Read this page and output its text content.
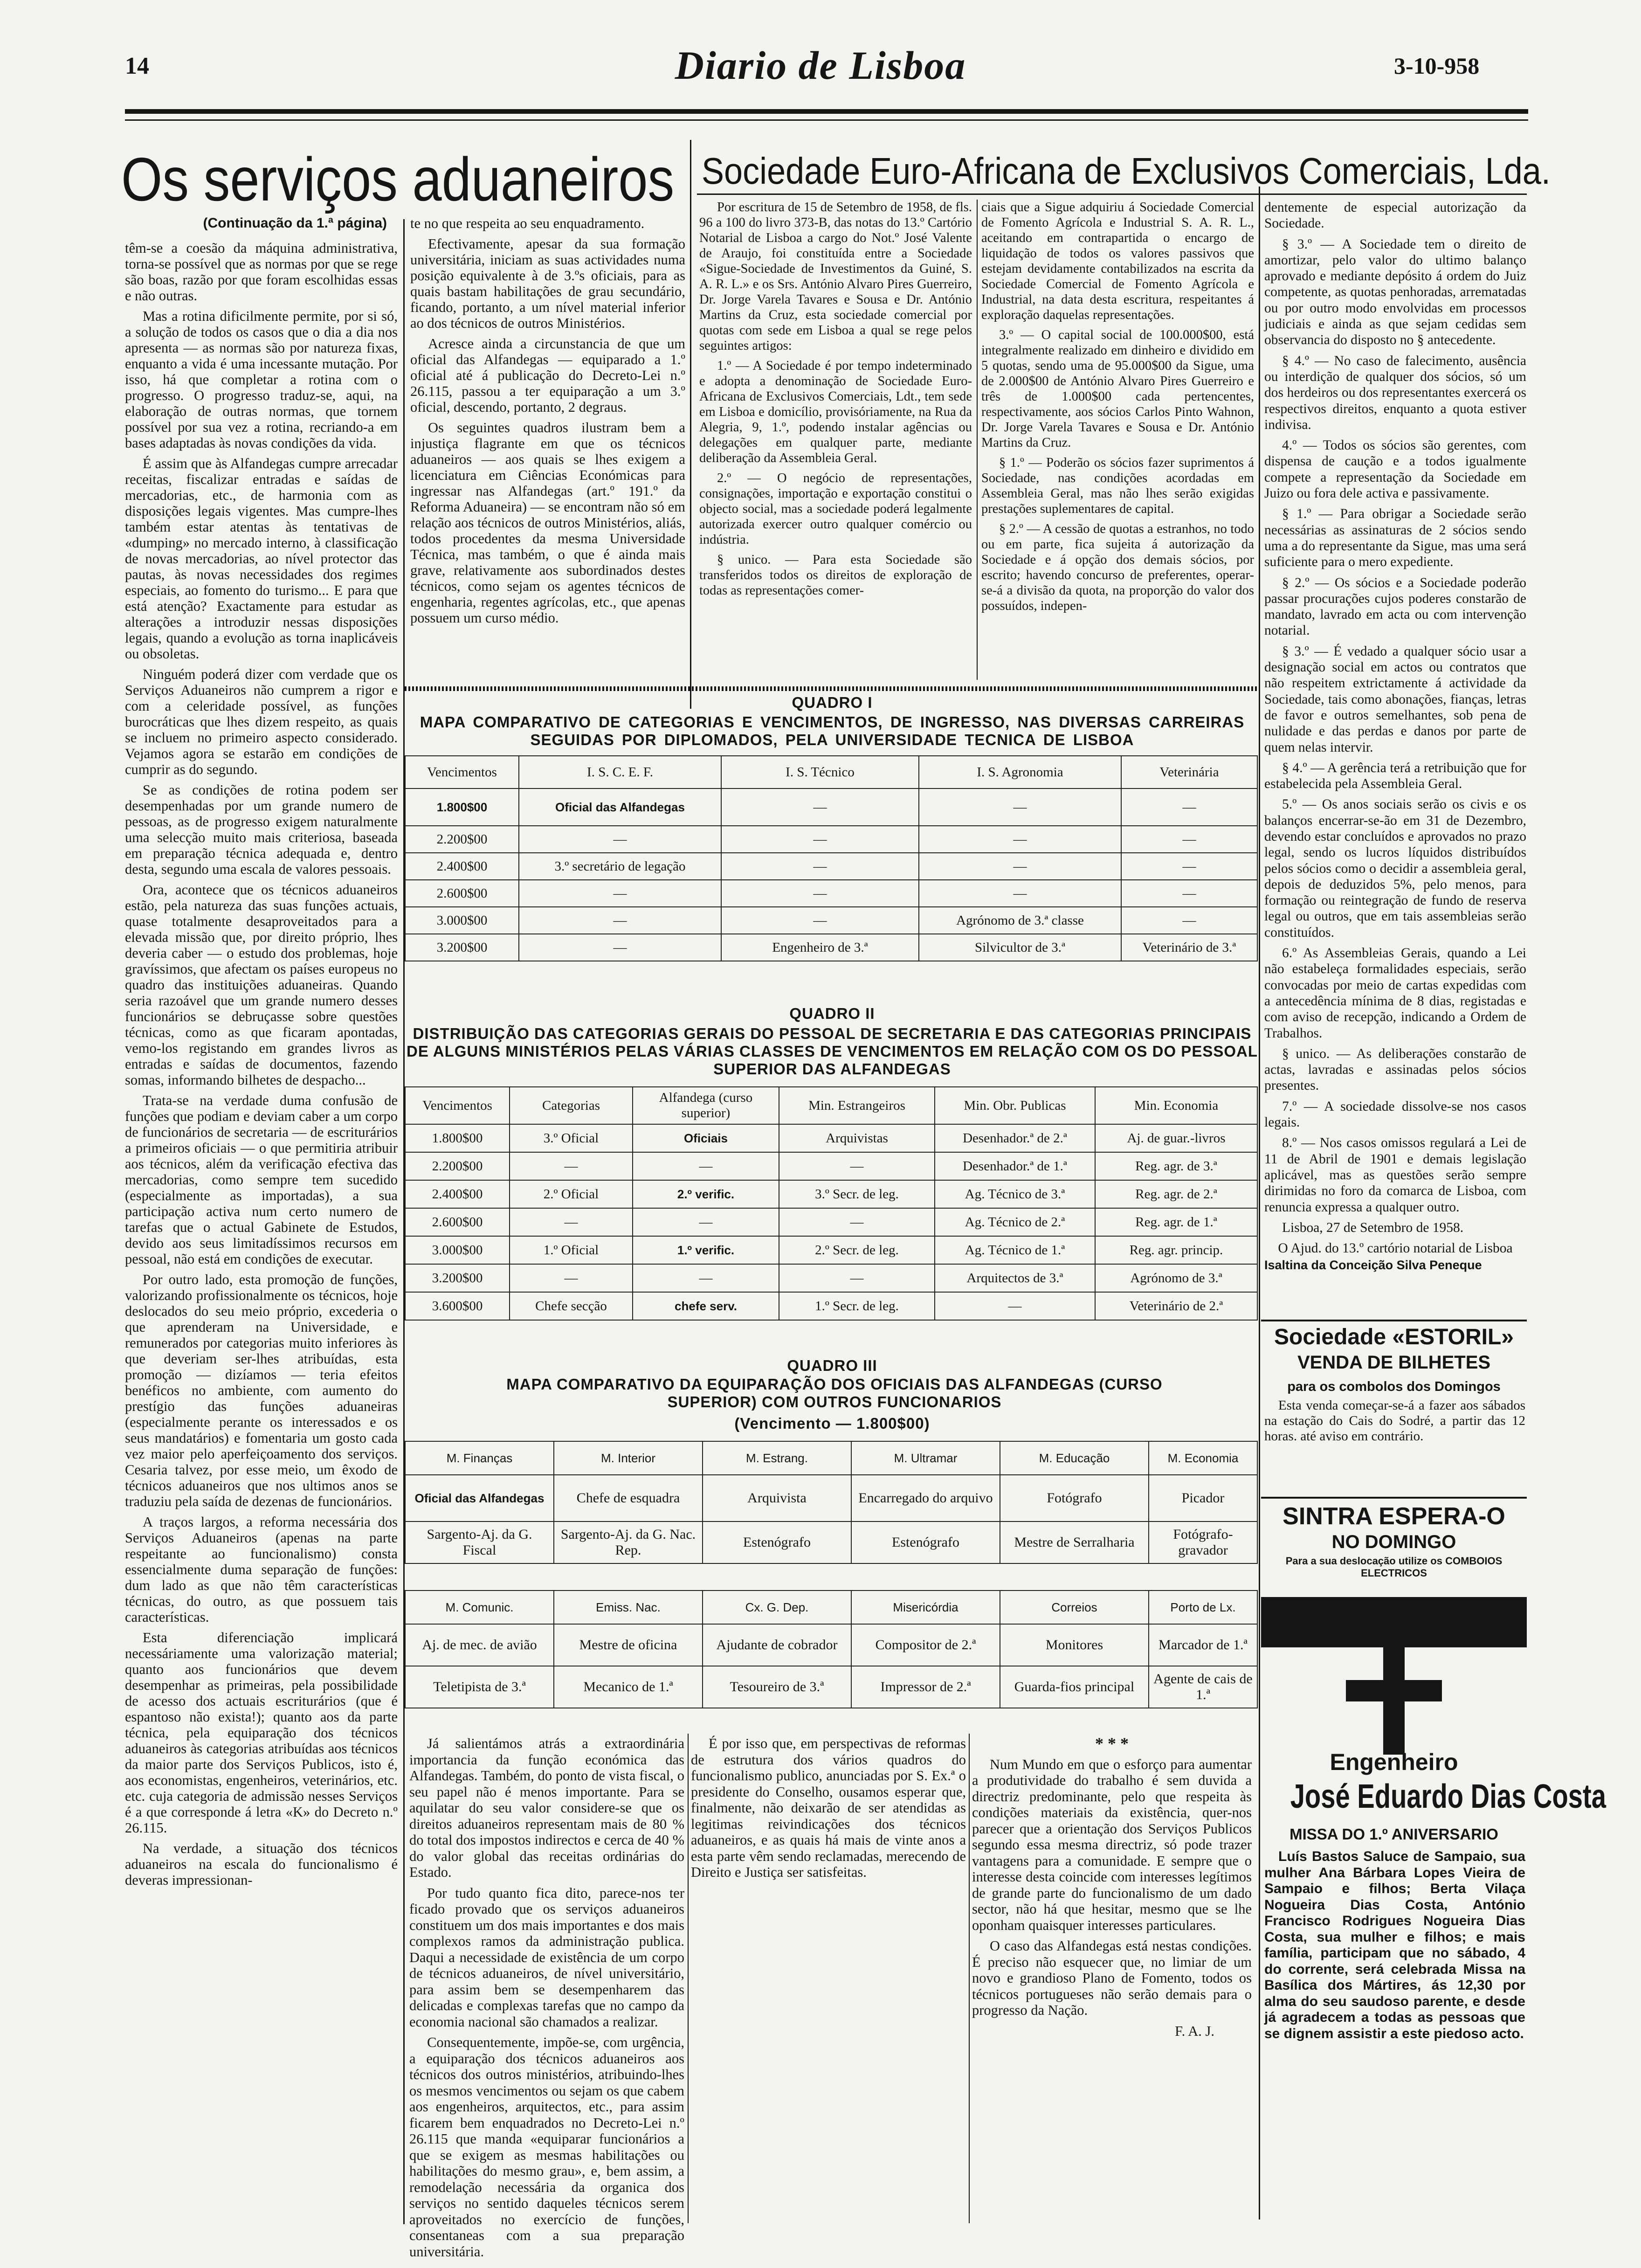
14	Diario de Lisboa	3-10-958
Os serviços aduaneiros
(Continuação da 1.ª página)

têm-se a coesão da máquina administrativa, torna-se possível que as normas por que se rege são boas, razão por que foram escolhidas essas e não outras.

Mas a rotina dificilmente permite, por si só, a solução de todos os casos que o dia a dia nos apresenta — as normas são por natureza fixas, enquanto a vida é uma incessante mutação. Por isso, há que completar a rotina com o progresso. O progresso traduz-se, aqui, na elaboração de outras normas, que tornem possível por sua vez a rotina, recriando-a em bases adaptadas às novas condições da vida.

É assim que às Alfandegas cumpre arrecadar receitas, fiscalizar entradas e saídas de mercadorias, etc., de harmonia com as disposições legais vigentes. Mas cumpre-lhes também estar atentas às tentativas de «dumping» no mercado interno, à classificação de novas mercadorias, ao nível protector das pautas, às novas necessidades dos regimes especiais, ao fomento do turismo... E para que está atenção? Exactamente para estudar as alterações a introduzir nessas disposições legais, quando a evolução as torna inaplicáveis ou obsoletas.

Ninguém poderá dizer com verdade que os Serviços Aduaneiros não cumprem a rigor e com a celeridade possível, as funções burocráticas que lhes dizem respeito, as quais se incluem no primeiro aspecto considerado. Vejamos agora se estarão em condições de cumprir as do segundo.

Se as condições de rotina podem ser desempenhadas por um grande numero de pessoas, as de progresso exigem naturalmente uma selecção muito mais criteriosa, baseada em preparação técnica adequada e, dentro desta, segundo uma escala de valores pessoais.

Ora, acontece que os técnicos aduaneiros estão, pela natureza das suas funções actuais, quase totalmente desaproveitados para a elevada missão que, por direito próprio, lhes deveria caber — o estudo dos problemas, hoje gravíssimos, que afectam os países europeus no quadro das instituições aduaneiras. Quando seria razoável que um grande numero desses funcionários se debruçasse sobre questões técnicas, como as que ficaram apontadas, vemo-los registando em grandes livros as entradas e saídas de documentos, fazendo somas, informando bilhetes de despacho...

Trata-se na verdade duma confusão de funções que podiam e deviam caber a um corpo de funcionários de secretaria — de escriturários a primeiros oficiais — o que permitiria atribuir aos técnicos, além da verificação efectiva das mercadorias, como sempre tem sucedido (especialmente as importadas), a sua participação activa num certo numero de tarefas que o actual Gabinete de Estudos, devido aos seus limitadíssimos recursos em pessoal, não está em condições de executar.

Por outro lado, esta promoção de funções, valorizando profissionalmente os técnicos, hoje deslocados do seu meio próprio, excederia o que aprenderam na Universidade, e remunerados por categorias muito inferiores às que deveriam ser-lhes atribuídas, esta promoção — dizíamos — teria efeitos benéficos no ambiente, com aumento do prestígio das funções aduaneiras (especialmente perante os interessados e os seus mandatários) e fomentaria um gosto cada vez maior pelo aperfeiçoamento dos serviços. Cesaria talvez, por esse meio, um êxodo de técnicos aduaneiros que nos ultimos anos se traduziu pela saída de dezenas de funcionários.

A traços largos, a reforma necessária dos Serviços Aduaneiros (apenas na parte respeitante ao funcionalismo) consta essencialmente duma separação de funções: dum lado as que não têm características técnicas, do outro, as que possuem tais características.

Esta diferenciação implicará necessáriamente uma valorização material; quanto aos funcionários que devem desempenhar as primeiras, pela possibilidade de acesso dos actuais escriturários (que é espantoso não exista!); quanto aos da parte técnica, pela equiparação dos técnicos aduaneiros às categorias atribuídas aos técnicos da maior parte dos Serviços Publicos, isto é, aos economistas, engenheiros, veterinários, etc. etc. cuja categoria de admissão nesses Serviços é a que corresponde á letra «K» do Decreto n.º 26.115.

Na verdade, a situação dos técnicos aduaneiros na escala do funcionalismo é deveras impressionan-

te no que respeita ao seu enquadramento.

Efectivamente, apesar da sua formação universitária, iniciam as suas actividades numa posição equivalente à de 3.ºs oficiais, para as quais bastam habilitações de grau secundário, ficando, portanto, a um nível material inferior ao dos técnicos de outros Ministérios.

Acresce ainda a circunstancia de que um oficial das Alfandegas — equiparado a 1.º oficial até á publicação do Decreto-Lei n.º 26.115, passou a ter equiparação a um 3.º oficial, descendo, portanto, 2 degraus.

Os seguintes quadros ilustram bem a injustiça flagrante em que os técnicos aduaneiros — aos quais se lhes exigem a licenciatura em Ciências Económicas para ingressar nas Alfandegas (art.º 191.º da Reforma Aduaneira) — se encontram não só em relação aos técnicos de outros Ministérios, aliás, todos procedentes da mesma Universidade Técnica, mas também, o que é ainda mais grave, relativamente aos subordinados destes técnicos, como sejam os agentes técnicos de engenharia, regentes agrícolas, etc., que apenas possuem um curso médio.

Sociedade Euro-Africana de Exclusivos Comerciais, Lda.

Por escritura de 15 de Setembro de 1958, de fls. 96 a 100 do livro 373-B, das notas do 13.º Cartório Notarial de Lisboa a cargo do Not.º José Valente de Araujo, foi constituída entre a Sociedade «Sigue-Sociedade de Investimentos da Guiné, S. A. R. L.» e os Srs. António Alvaro Pires Guerreiro, Dr. Jorge Varela Tavares e Sousa e Dr. António Martins da Cruz, esta sociedade comercial por quotas com sede em Lisboa a qual se rege pelos seguintes artigos:

1.º — A Sociedade é por tempo indeterminado e adopta a denominação de Sociedade Euro-Africana de Exclusivos Comerciais, Ldt., tem sede em Lisboa e domicílio, provisóriamente, na Rua da Alegria, 9, 1.º, podendo instalar agências ou delegações em qualquer parte, mediante deliberação da Assembleia Geral.

2.º — O negócio de representações, consignações, importação e exportação constitui o objecto social, mas a sociedade poderá legalmente autorizada exercer outro qualquer comércio ou indústria.

§ unico. — Para esta Sociedade são transferidos todos os direitos de exploração de todas as representações comer-

ciais que a Sigue adquiriu á Sociedade Comercial de Fomento Agrícola e Industrial S. A. R. L., aceitando em contrapartida o encargo de liquidação de todos os valores passivos que estejam devidamente contabilizados na escrita da Sociedade Comercial de Fomento Agrícola e Industrial, na data desta escritura, respeitantes á exploração daquelas representações.

3.º — O capital social de 100.000$00, está integralmente realizado em dinheiro e dividido em 5 quotas, sendo uma de 95.000$00 da Sigue, uma de 2.000$00 de António Alvaro Pires Guerreiro e três de 1.000$00 cada pertencentes, respectivamente, aos sócios Carlos Pinto Wahnon, Dr. Jorge Varela Tavares e Sousa e Dr. António Martins da Cruz.

§ 1.º — Poderão os sócios fazer suprimentos á Sociedade, nas condições acordadas em Assembleia Geral, mas não lhes serão exigidas prestações suplementares de capital.

§ 2.º — A cessão de quotas a estranhos, no todo ou em parte, fica sujeita á autorização da Sociedade e á opção dos demais sócios, por escrito; havendo concurso de preferentes, operar-se-á a divisão da quota, na proporção do valor dos possuídos, indepen-

dentemente de especial autorização da Sociedade.

§ 3.º — A Sociedade tem o direito de amortizar, pelo valor do ultimo balanço aprovado e mediante depósito á ordem do Juiz competente, as quotas penhoradas, arrematadas ou por outro modo envolvidas em processos judiciais e ainda as que sejam cedidas sem observancia do disposto no § antecedente.

§ 4.º — No caso de falecimento, ausência ou interdição de qualquer dos sócios, só um dos herdeiros ou dos representantes exercerá os respectivos direitos, enquanto a quota estiver indivisa.

4.º — Todos os sócios são gerentes, com dispensa de caução e a todos igualmente compete a representação da Sociedade em Juizo ou fora dele activa e passivamente.

§ 1.º — Para obrigar a Sociedade serão necessárias as assinaturas de 2 sócios sendo uma a do representante da Sigue, mas uma será suficiente para o mero expediente.

§ 2.º — Os sócios e a Sociedade poderão passar procurações cujos poderes constarão de mandato, lavrado em acta ou com intervenção notarial.

§ 3.º — É vedado a qualquer sócio usar a designação social em actos ou contratos que não respeitem extrictamente á actividade da Sociedade, tais como abonações, fianças, letras de favor e outros semelhantes, sob pena de nulidade e das perdas e danos por parte de quem nelas intervir.

§ 4.º — A gerência terá a retribuição que for estabelecida pela Assembleia Geral.

5.º — Os anos sociais serão os civis e os balanços encerrar-se-ão em 31 de Dezembro, devendo estar concluídos e aprovados no prazo legal, sendo os lucros líquidos distribuídos pelos sócios como o decidir a assembleia geral, depois de deduzidos 5%, pelo menos, para formação ou reintegração de fundo de reserva legal ou outros, que em tais assembleias serão constituídos.

6.º As Assembleias Gerais, quando a Lei não estabeleça formalidades especiais, serão convocadas por meio de cartas expedidas com a antecedência mínima de 8 dias, registadas e com aviso de recepção, indicando a Ordem de Trabalhos.

§ unico. — As deliberações constarão de actas, lavradas e assinadas pelos sócios presentes.

7.º — A sociedade dissolve-se nos casos legais.

8.º — Nos casos omissos regulará a Lei de 11 de Abril de 1901 e demais legislação aplicável, mas as questões serão sempre dirimidas no foro da comarca de Lisboa, com renuncia expressa a qualquer outro.

Lisboa, 27 de Setembro de 1958.

O Ajud. do 13.º cartório notarial de Lisboa

Isaltina da Conceição Silva Peneque

QUADRO I
MAPA COMPARATIVO DE CATEGORIAS E VENCIMENTOS, DE INGRESSO, NAS DIVERSAS CARREIRAS SEGUIDAS POR DIPLOMADOS, PELA UNIVERSIDADE TECNICA DE LISBOA
Vencimentos	I. S. C. E. F.	I. S. Técnico	I. S. Agronomia	Veterinária
1.800$00	Oficial das Alfandegas	—	—	—
2.200$00	—	—	—	—
2.400$00	3.º secretário de legação	—	—	—
2.600$00	—	—	—	—
3.000$00	—	—	Agrónomo de 3.ª classe	—
3.200$00	—	Engenheiro de 3.ª	Silvicultor de 3.ª	Veterinário de 3.ª
QUADRO II
DISTRIBUIÇÃO DAS CATEGORIAS GERAIS DO PESSOAL DE SECRETARIA E DAS CATEGORIAS PRINCIPAIS DE ALGUNS MINISTÉRIOS PELAS VÁRIAS CLASSES DE VENCIMENTOS EM RELAÇÃO COM OS DO PESSOAL SUPERIOR DAS ALFANDEGAS
Vencimentos	Categorias	Alfandega (curso superior)	Min. Estrangeiros	Min. Obr. Publicas	Min. Economia
1.800$00	3.º Oficial	Oficiais	Arquivistas	Desenhador.ª de 2.ª	Aj. de guar.-livros
2.200$00	—	—	—	Desenhador.ª de 1.ª	Reg. agr. de 3.ª
2.400$00	2.º Oficial	2.º verific.	3.º Secr. de leg.	Ag. Técnico de 3.ª	Reg. agr. de 2.ª
2.600$00	—	—	—	Ag. Técnico de 2.ª	Reg. agr. de 1.ª
3.000$00	1.º Oficial	1.º verific.	2.º Secr. de leg.	Ag. Técnico de 1.ª	Reg. agr. princip.
3.200$00	—	—	—	Arquitectos de 3.ª	Agrónomo de 3.ª
3.600$00	Chefe secção	chefe serv.	1.º Secr. de leg.	—	Veterinário de 2.ª
QUADRO III
MAPA COMPARATIVO DA EQUIPARAÇÃO DOS OFICIAIS DAS ALFANDEGAS (CURSO SUPERIOR) COM OUTROS FUNCIONARIOS
(Vencimento — 1.800$00)
M. Finanças	M. Interior	M. Estrang.	M. Ultramar	M. Educação	M. Economia
Oficial das Alfandegas	Chefe de esquadra	Arquivista	Encarregado do arquivo	Fotógrafo	Picador
Sargento-Aj. da G. Fiscal	Sargento-Aj. da G. Nac. Rep.	Estenógrafo	Estenógrafo	Mestre de Serralharia	Fotógrafo-gravador
M. Comunic.	Emiss. Nac.	Cx. G. Dep.	Misericórdia	Correios	Porto de Lx.
Aj. de mec. de avião	Mestre de oficina	Ajudante de cobrador	Compositor de 2.ª	Monitores	Marcador de 1.ª
Teletipista de 3.ª	Mecanico de 1.ª	Tesoureiro de 3.ª	Impressor de 2.ª	Guarda-fios principal	Agente de cais de 1.ª

Já salientámos atrás a extraordinária importancia da função económica das Alfandegas. Também, do ponto de vista fiscal, o seu papel não é menos importante. Para se aquilatar do seu valor considere-se que os direitos aduaneiros representam mais de 80 % do total dos impostos indirectos e cerca de 40 % do valor global das receitas ordinárias do Estado.

Por tudo quanto fica dito, parece-nos ter ficado provado que os serviços aduaneiros constituem um dos mais importantes e dos mais complexos ramos da administração publica. Daqui a necessidade de existência de um corpo de técnicos aduaneiros, de nível universitário, para assim bem se desempenharem das delicadas e complexas tarefas que no campo da economia nacional são chamados a realizar.

Consequentemente, impõe-se, com urgência, a equiparação dos técnicos aduaneiros aos técnicos dos outros ministérios, atribuindo-lhes os mesmos vencimentos ou sejam os que cabem aos engenheiros, arquitectos, etc., para assim ficarem bem enquadrados no Decreto-Lei n.º 26.115 que manda «equiparar funcionários a que se exigem as mesmas habilitações ou habilitações do mesmo grau», e, bem assim, a remodelação necessária da organica dos serviços no sentido daqueles técnicos serem aproveitados no exercício de funções, consentaneas com a sua preparação universitária.

É por isso que, em perspectivas de reformas de estrutura dos vários quadros do funcionalismo publico, anunciadas por S. Ex.ª o presidente do Conselho, ousamos esperar que, finalmente, não deixarão de ser atendidas as legitimas reivindicações dos técnicos aduaneiros, e as quais há mais de vinte anos a esta parte vêm sendo reclamadas, merecendo de Direito e Justiça ser satisfeitas.

* * *

Num Mundo em que o esforço para aumentar a produtividade do trabalho é sem duvida a directriz predominante, pelo que respeita às condições materiais da existência, quer-nos parecer que a orientação dos Serviços Publicos segundo essa mesma directriz, só pode trazer vantagens para a comunidade. E sempre que o interesse desta coincide com interesses legítimos de grande parte do funcionalismo de um dado sector, não há que hesitar, mesmo que se lhe oponham quaisquer interesses particulares.

O caso das Alfandegas está nestas condições. É preciso não esquecer que, no limiar de um novo e grandioso Plano de Fomento, todos os técnicos portugueses não serão demais para o progresso da Nação.

F. A. J.

Sociedade «ESTORIL»
VENDA DE BILHETES
para os combolos dos Domingos
Esta venda começar-se-á a fazer aos sábados na estação do Cais do Sodré, a partir das 12 horas. até aviso em contrário.
SINTRA ESPERA-O
NO DOMINGO
Para a sua deslocação utilize os COMBOIOS ELECTRICOS
Engenheiro
José Eduardo Dias Costa
MISSA DO 1.º ANIVERSARIO
Luís Bastos Saluce de Sampaio, sua mulher Ana Bárbara Lopes Vieira de Sampaio e filhos; Berta Vilaça Nogueira Dias Costa, António Francisco Rodrigues Nogueira Dias Costa, sua mulher e filhos; e mais família, participam que no sábado, 4 do corrente, será celebrada Missa na Basílica dos Mártires, ás 12,30 por alma do seu saudoso parente, e desde já agradecem a todas as pessoas que se dignem assistir a este piedoso acto.
